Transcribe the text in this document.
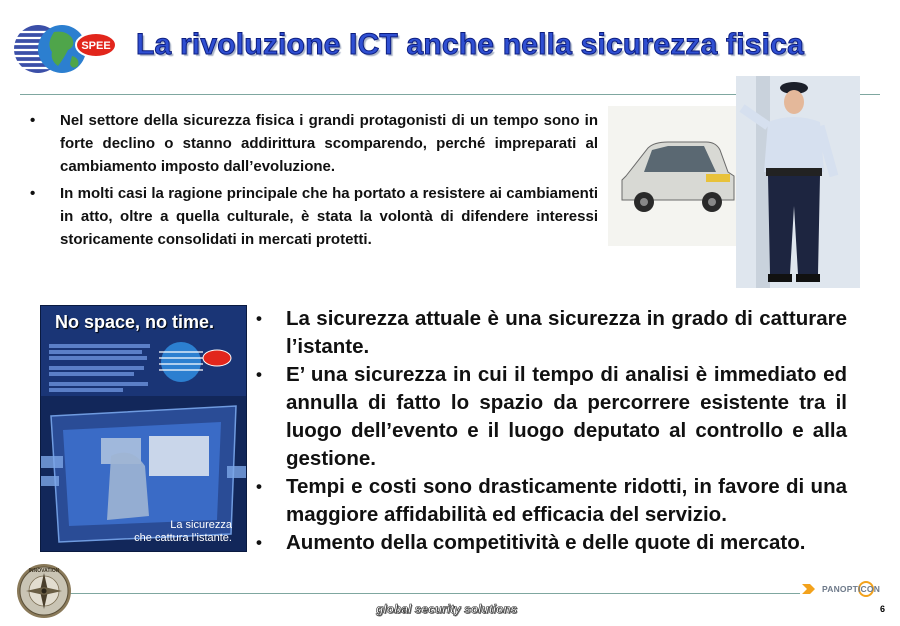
SPEE La rivoluzione ICT anche nella sicurezza fisica
• Nel settore della sicurezza fisica i grandi protagonisti di un tempo sono in forte declino o stanno addirittura scomparendo, perché impreparati al cambiamento imposto dall’evoluzione.
• In molti casi la ragione principale che ha portato a resistere ai cambiamenti in atto, oltre a quella culturale, è stata la volontà di difendere interessi storicamente consolidati in mercati protetti.
No space, no time.
La sicurezza
che cattura l’istante.
• La sicurezza attuale è una sicurezza in grado di catturare l’istante.
• E’ una sicurezza in cui il tempo di analisi è immediato ed annulla di fatto lo spazio da percorrere esistente tra il luogo dell’evento e il luogo deputato al controllo e alla gestione.
• Tempi e costi sono drasticamente ridotti, in favore di una maggiore affidabilità ed efficacia del servizio.
• Aumento della competitività e delle quote di mercato.
INNOVATION
global security solutions
PANOPTICON
6
